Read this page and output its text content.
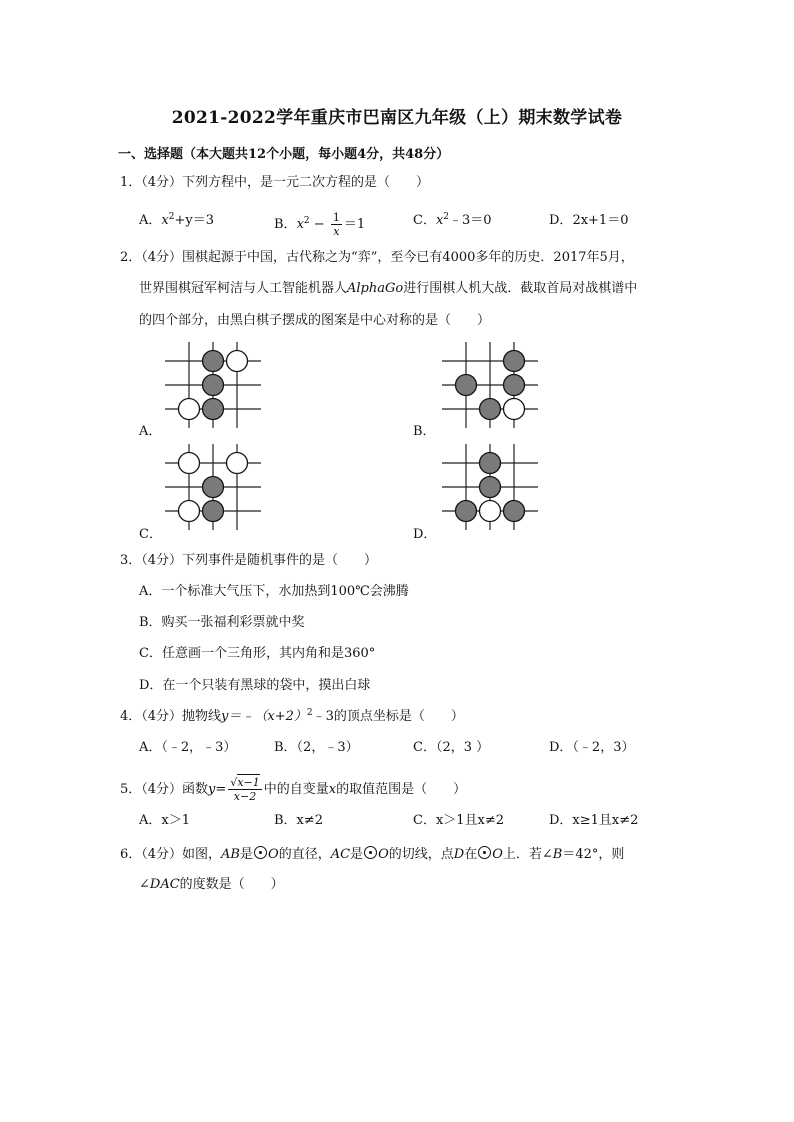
2021-2022学年重庆市巴南区九年级（上）期末数学试卷
一、选择题（本大题共12个小题，每小题4分，共48分）
1．（4分）下列方程中，是一元二次方程的是（　　）
A．$x^2+y=3$	B．$x^2 - \frac{1}{x} =1$	C．$x^2﹣3=0$	D．2x+1＝0
2．（4分）围棋起源于中国，古代称之为“弈”，至今已有4000多年的历史．2017年5月，
世界围棋冠军柯洁与人工智能机器人AlphaGo进行围棋人机大战．截取首局对战棋谱中
的四个部分，由黑白棋子摆成的图案是中心对称的是（　　）
A．	B．
C．	D．
3．（4分）下列事件是随机事件的是（　　）
A．一个标准大气压下，水加热到100℃会沸腾
B．购买一张福利彩票就中奖
C．任意画一个三角形，其内角和是360°
D．在一个只装有黑球的袋中，摸出白球
4．（4分）抛物线$y=﹣(x+2)^2﹣3$的顶点坐标是（　　）
A．（﹣2，﹣3）	B．（2，﹣3）	C．（2，3 ）	D．（﹣2，3）
5．（4分）函数$y= \frac{√x-1}{x-2}$ 中的自变量x的取值范围是（　　）
A．x＞1	B．x≠2	C．x＞1且x≠2	D．x≥1且x≠2
6．（4分）如图，AB是 O的直径，AC是 O的切线，点D在 O上．若∠B＝42°，则
∠DAC的度数是（　　）
